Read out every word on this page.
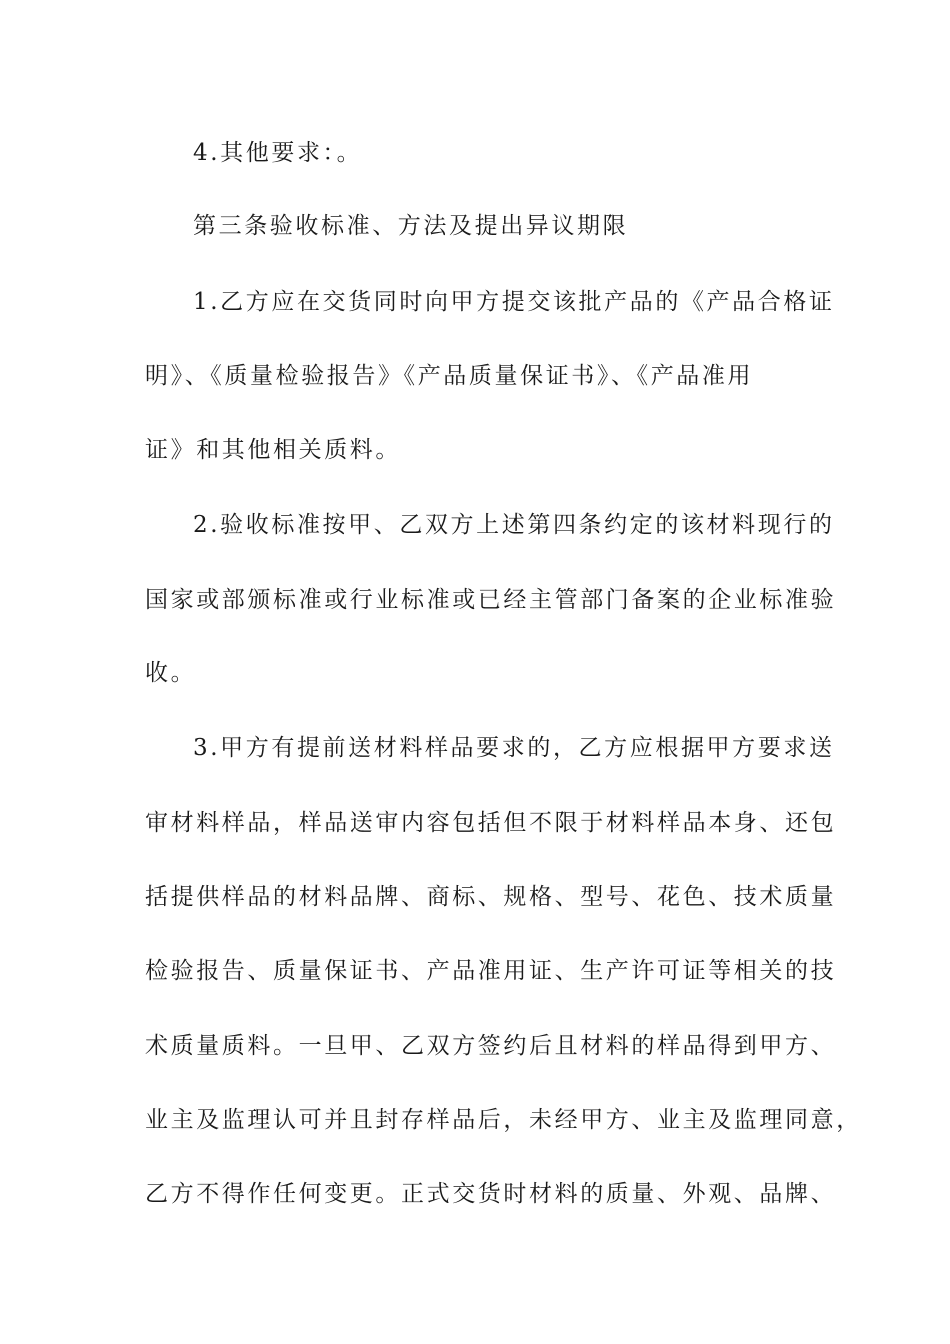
4.其他要求：。
第三条验收标准、方法及提出异议期限
1.乙方应在交货同时向甲方提交该批产品的《产品合格证
明》、《质量检验报告》《产品质量保证书》、《产品准用
证》和其他相关质料。
2.验收标准按甲、乙双方上述第四条约定的该材料现行的
国家或部颁标准或行业标准或已经主管部门备案的企业标准验
收。
3.甲方有提前送材料样品要求的，乙方应根据甲方要求送
审材料样品，样品送审内容包括但不限于材料样品本身、还包
括提供样品的材料品牌、商标、规格、型号、花色、技术质量
检验报告、质量保证书、产品准用证、生产许可证等相关的技
术质量质料。一旦甲、乙双方签约后且材料的样品得到甲方、
业主及监理认可并且封存样品后，未经甲方、业主及监理同意，
乙方不得作任何变更。正式交货时材料的质量、外观、品牌、
